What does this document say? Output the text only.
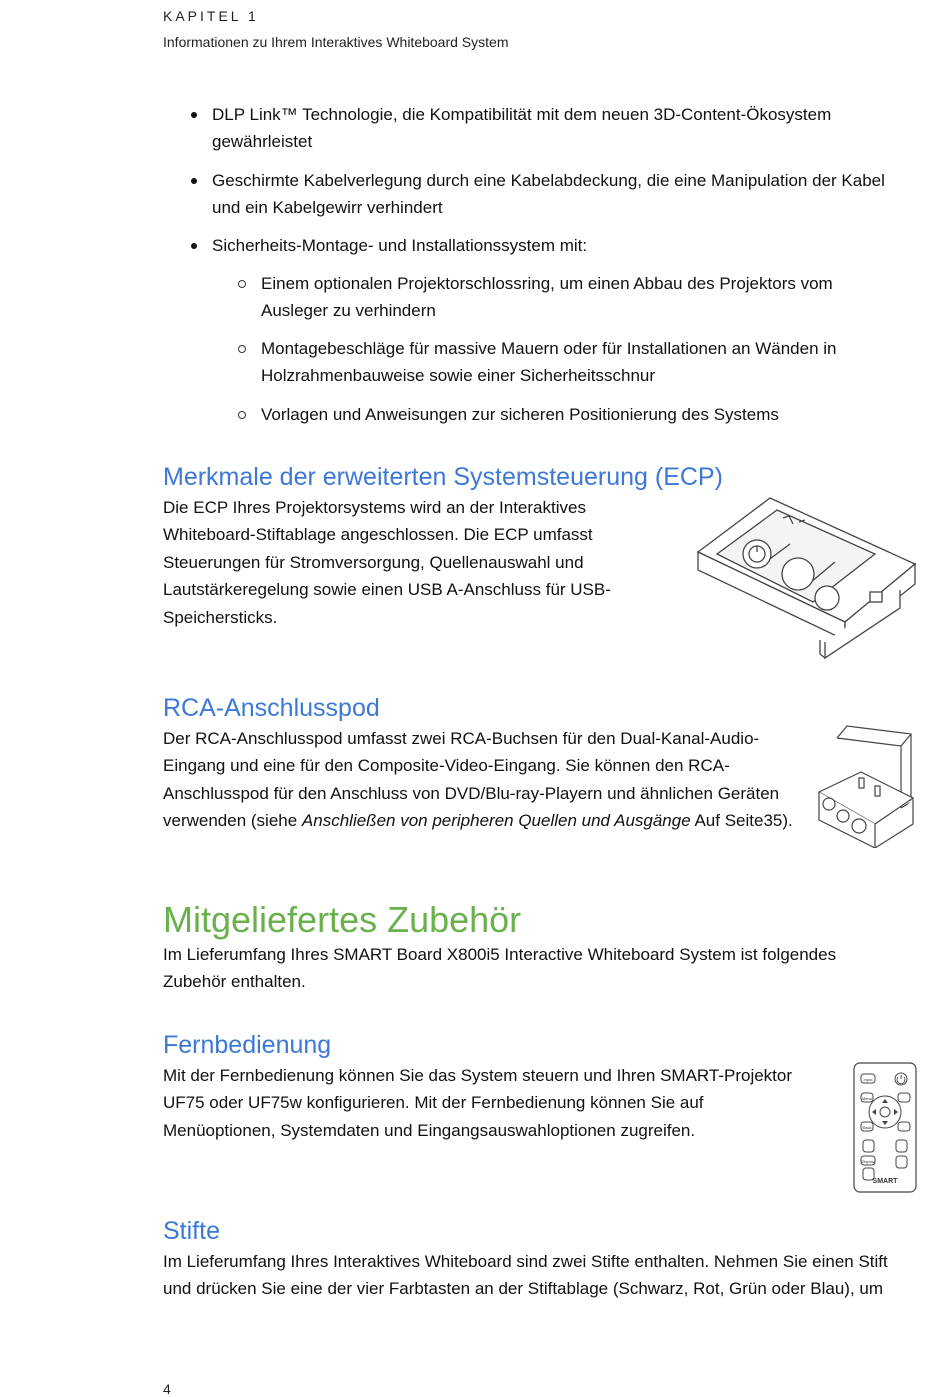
KAPITEL 1
Informationen zu Ihrem Interaktives Whiteboard System
DLP Link™ Technologie, die Kompatibilität mit dem neuen 3D-Content-Ökosystem
gewährleistet
Geschirmte Kabelverlegung durch eine Kabelabdeckung, die eine Manipulation der Kabel
und ein Kabelgewirr verhindert
Sicherheits-Montage- und Installationssystem mit:
Einem optionalen Projektorschlossring, um einen Abbau des Projektors vom
Ausleger zu verhindern
Montagebeschläge für massive Mauern oder für Installationen an Wänden in
Holzrahmenbauweise sowie einer Sicherheitsschnur
Vorlagen und Anweisungen zur sicheren Positionierung des Systems
Merkmale der erweiterten Systemsteuerung (ECP)
Die ECP Ihres Projektorsystems wird an der Interaktives
Whiteboard-Stiftablage angeschlossen. Die ECP umfasst
Steuerungen für Stromversorgung, Quellenauswahl und
Lautstärkeregelung sowie einen USB A-Anschluss für USB-
Speichersticks.
RCA-Anschlusspod
Der RCA-Anschlusspod umfasst zwei RCA-Buchsen für den Dual-Kanal-Audio-
Eingang und eine für den Composite-Video-Eingang. Sie können den RCA-
Anschlusspod für den Anschluss von DVD/Blu-ray-Playern und ähnlichen Geräten
verwenden (siehe Anschließen von peripheren Quellen und Ausgänge Auf Seite35).
Mitgeliefertes Zubehör
Im Lieferumfang Ihres SMART Board X800i5 Interactive Whiteboard System ist folgendes
Zubehör enthalten.
Fernbedienung
Mit der Fernbedienung können Sie das System steuern und Ihren SMART-Projektor
UF75 oder UF75w konfigurieren. Mit der Fernbedienung können Sie auf
Menüoptionen, Systemdaten und Eingangsauswahloptionen zugreifen.
Input
Menu
Back
Display
SMART
Stifte
Im Lieferumfang Ihres Interaktives Whiteboard sind zwei Stifte enthalten. Nehmen Sie einen Stift
und drücken Sie eine der vier Farbtasten an der Stiftablage (Schwarz, Rot, Grün oder Blau), um
4
